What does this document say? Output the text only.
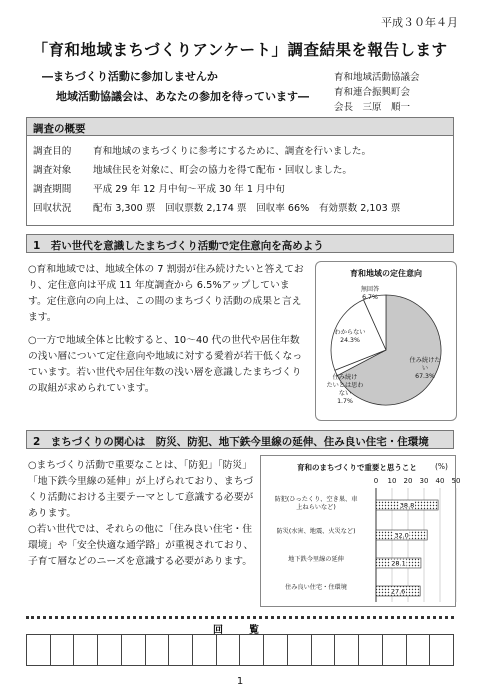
平成３０年４月
「育和地域まちづくりアンケート」調査結果を報告します
―まちづくり活動に参加しませんか
地域活動協議会は、あなたの参加を待っています―
育和地域活動協議会
育和連合振興町会
会長　三原　順一
調査の概要
調査目的	育和地域のまちづくりに参考にするために、調査を行いました。
調査対象	地域住民を対象に、町会の協力を得て配布・回収しました。
調査期間	平成 29 年 12 月中旬～平成 30 年 1 月中旬
回収状況	配布 3,300 票　回収票数 2,174 票　回収率 66%　有効票数 2,103 票
1　若い世代を意識したまちづくり活動で定住意向を高めよう
○育和地域では、地域全体の 7 割弱が住み続けたいと答えており、定住意向は平成 11 年度調査から 6.5%アップしています。定住意向の向上は、この間のまちづくり活動の成果と言えます。
○一方で地域全体と比較すると、10～40 代の世代や居住年数の浅い層について定住意向や地域に対する愛着が若干低くなっています。若い世代や居住年数の浅い層を意識したまちづくりの取組が求められています。
育和地域の定住意向
無回答
6.7%
わからない
24.3%
住み続けた
い
67.3%
住み続け
たいとは思わ
ない
1.7%
2　まちづくりの関心は　防災、防犯、地下鉄今里線の延伸、住み良い住宅・住環境
○まちづくり活動で重要なことは、「防犯」「防災」「地下鉄今里線の延伸」が上げられており、まちづくり活動における主要テーマとして意識する必要があります。
○若い世代では、それらの他に「住み良い住宅・住環境」や「安全快適な通学路」が重視されており、子育て層などのニーズを意識する必要があります。
育和のまちづくりで重要と思うこと (%)
0	10	20	30	40	50
防犯(ひったくり、空き巣、車
上ねらいなど)
防災(水害、地震、火災など)
地下鉄今里線の延伸
住み良い住宅・住環境
38.8
32.0
28.1
27.6
回　覧
1
